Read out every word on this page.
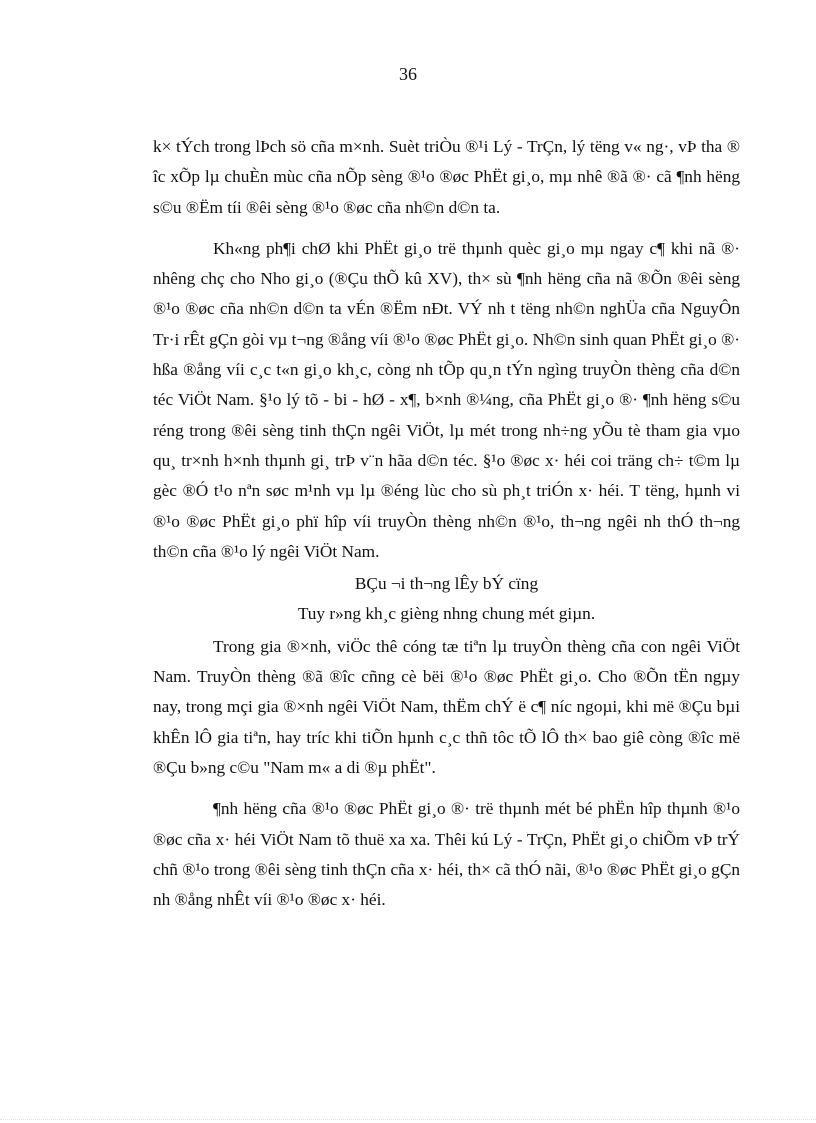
36

k× tÝch trong lÞch sö cña m×nh. Suèt triÒu ®¹i Lý - TrÇn, lý tëng v« ng·, vÞ tha ® îc xÕp lµ chuÈn mùc cña nÕp sèng ®¹o ®øc PhËt gi¸o, mµ nhê ®ã ®· cã ¶nh hëng s©u ®Ëm tíi ®êi sèng ®¹o ®øc cña nh©n d©n ta.

Kh«ng ph¶i chØ khi PhËt gi¸o trë thµnh quèc gi¸o mµ ngay c¶ khi nã ®· nhêng chç cho Nho gi¸o (®Çu thÕ kû XV), th× sù ¶nh hëng cña nã ®Õn ®êi sèng ®¹o ®øc cña nh©n d©n ta vÉn ®Ëm nÐt. VÝ nh t tëng nh©n nghÜa cña NguyÔn Tr·i rÊt gÇn gòi vµ t¬ng ®ång víi ®¹o ®øc PhËt gi¸o. Nh©n sinh quan PhËt gi¸o ®· hßa ®ång víi c¸c t«n gi¸o kh¸c, còng nh tÕp qu¸n tÝn ngìng truyÒn thèng cña d©n téc ViÖt Nam. §¹o lý tõ - bi - hØ - x¶, b×nh ®¼ng, cña PhËt gi¸o ®· ¶nh hëng s©u réng trong ®êi sèng tinh thÇn ngêi ViÖt, lµ mét trong nh÷ng yÕu tè tham gia vµo qu¸ tr×nh h×nh thµnh gi¸ trÞ v¨n hãa d©n téc. §¹o ®øc x· héi coi träng ch÷ t©m lµ gèc ®Ó t¹o nªn søc m¹nh vµ lµ ®éng lùc cho sù ph¸t triÓn x· héi. T tëng, hµnh vi ®¹o ®øc PhËt gi¸o phï hîp víi truyÒn thèng nh©n ®¹o, th¬ng ngêi nh thÓ th¬ng th©n cña ®¹o lý ngêi ViÖt Nam.

BÇu ¬i th¬ng lÊy bÝ cïng

Tuy r»ng kh¸c gièng nhng chung mét giµn.

Trong gia ®×nh, viÖc thê cóng tæ tiªn lµ truyÒn thèng cña con ngêi ViÖt Nam. TruyÒn thèng ®ã ®îc cñng cè bëi ®¹o ®øc PhËt gi¸o. Cho ®Õn tËn ngµy nay, trong mçi gia ®×nh ngêi ViÖt Nam, thËm chÝ ë c¶ níc ngoµi, khi më ®Çu bµi khÊn lÔ gia tiªn, hay tríc khi tiÕn hµnh c¸c thñ tôc tÕ lÔ th× bao giê còng ®îc më ®Çu b»ng c©u "Nam m« a di ®µ phËt".

¶nh hëng cña ®¹o ®øc PhËt gi¸o ®· trë thµnh mét bé phËn hîp thµnh ®¹o ®øc cña x· héi ViÖt Nam tõ thuë xa xa. Thêi kú Lý - TrÇn, PhËt gi¸o chiÕm vÞ trÝ chñ ®¹o trong ®êi sèng tinh thÇn cña x· héi, th× cã thÓ nãi, ®¹o ®øc PhËt gi¸o gÇn nh ®ång nhÊt víi ®¹o ®øc x· héi.
